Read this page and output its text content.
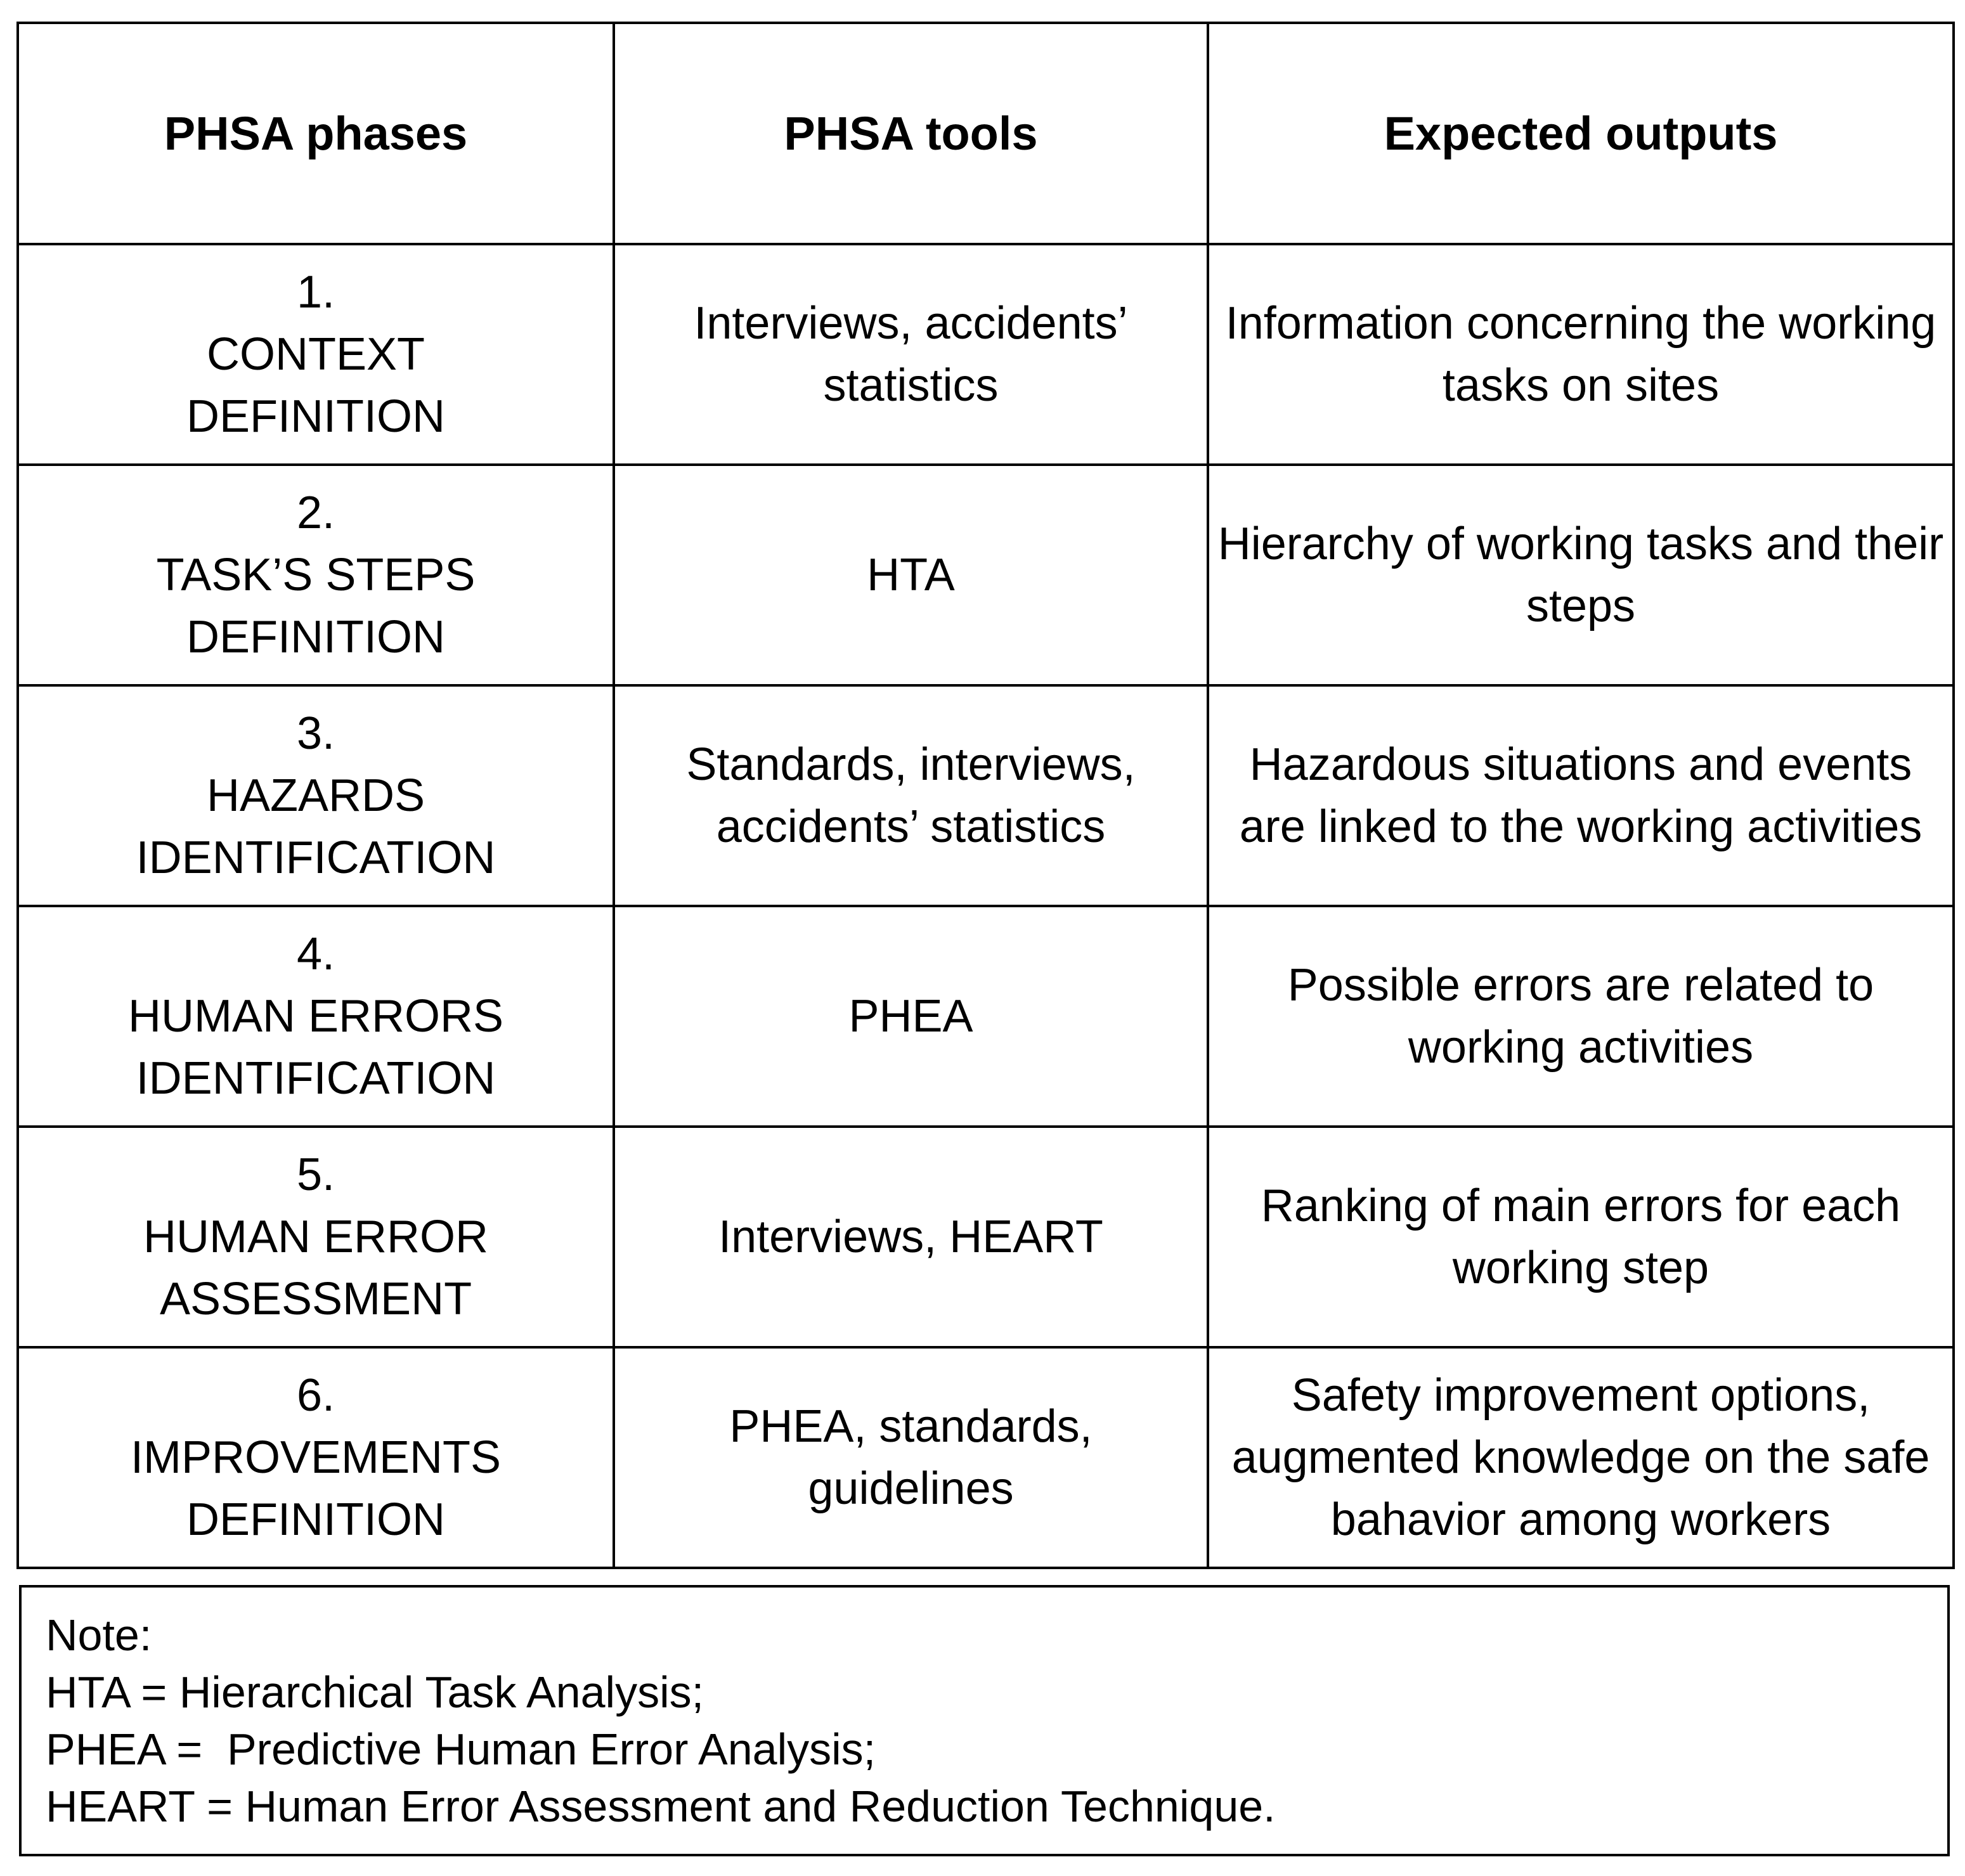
PHSA phases	PHSA tools	Expected outputs

1.
CONTEXT
DEFINITION	Interviews, accidents’ statistics	Information concerning the working tasks on sites

2.
TASK’S STEPS
DEFINITION	HTA	Hierarchy of working tasks and their steps

3.
HAZARDS
IDENTIFICATION	Standards, interviews, accidents’ statistics	Hazardous situations and events are linked to the working activities

4.
HUMAN ERRORS
IDENTIFICATION	PHEA	Possible errors are related to working activities

5.
HUMAN ERROR
ASSESSMENT	Interviews, HEART	Ranking of main errors for each working step

6.
IMPROVEMENTS
DEFINITION	PHEA, standards, guidelines	Safety improvement options, augmented knowledge on the safe bahavior among workers
Note:
HTA = Hierarchical Task Analysis;
PHEA =  Predictive Human Error Analysis;
HEART = Human Error Assessment and Reduction Technique.
